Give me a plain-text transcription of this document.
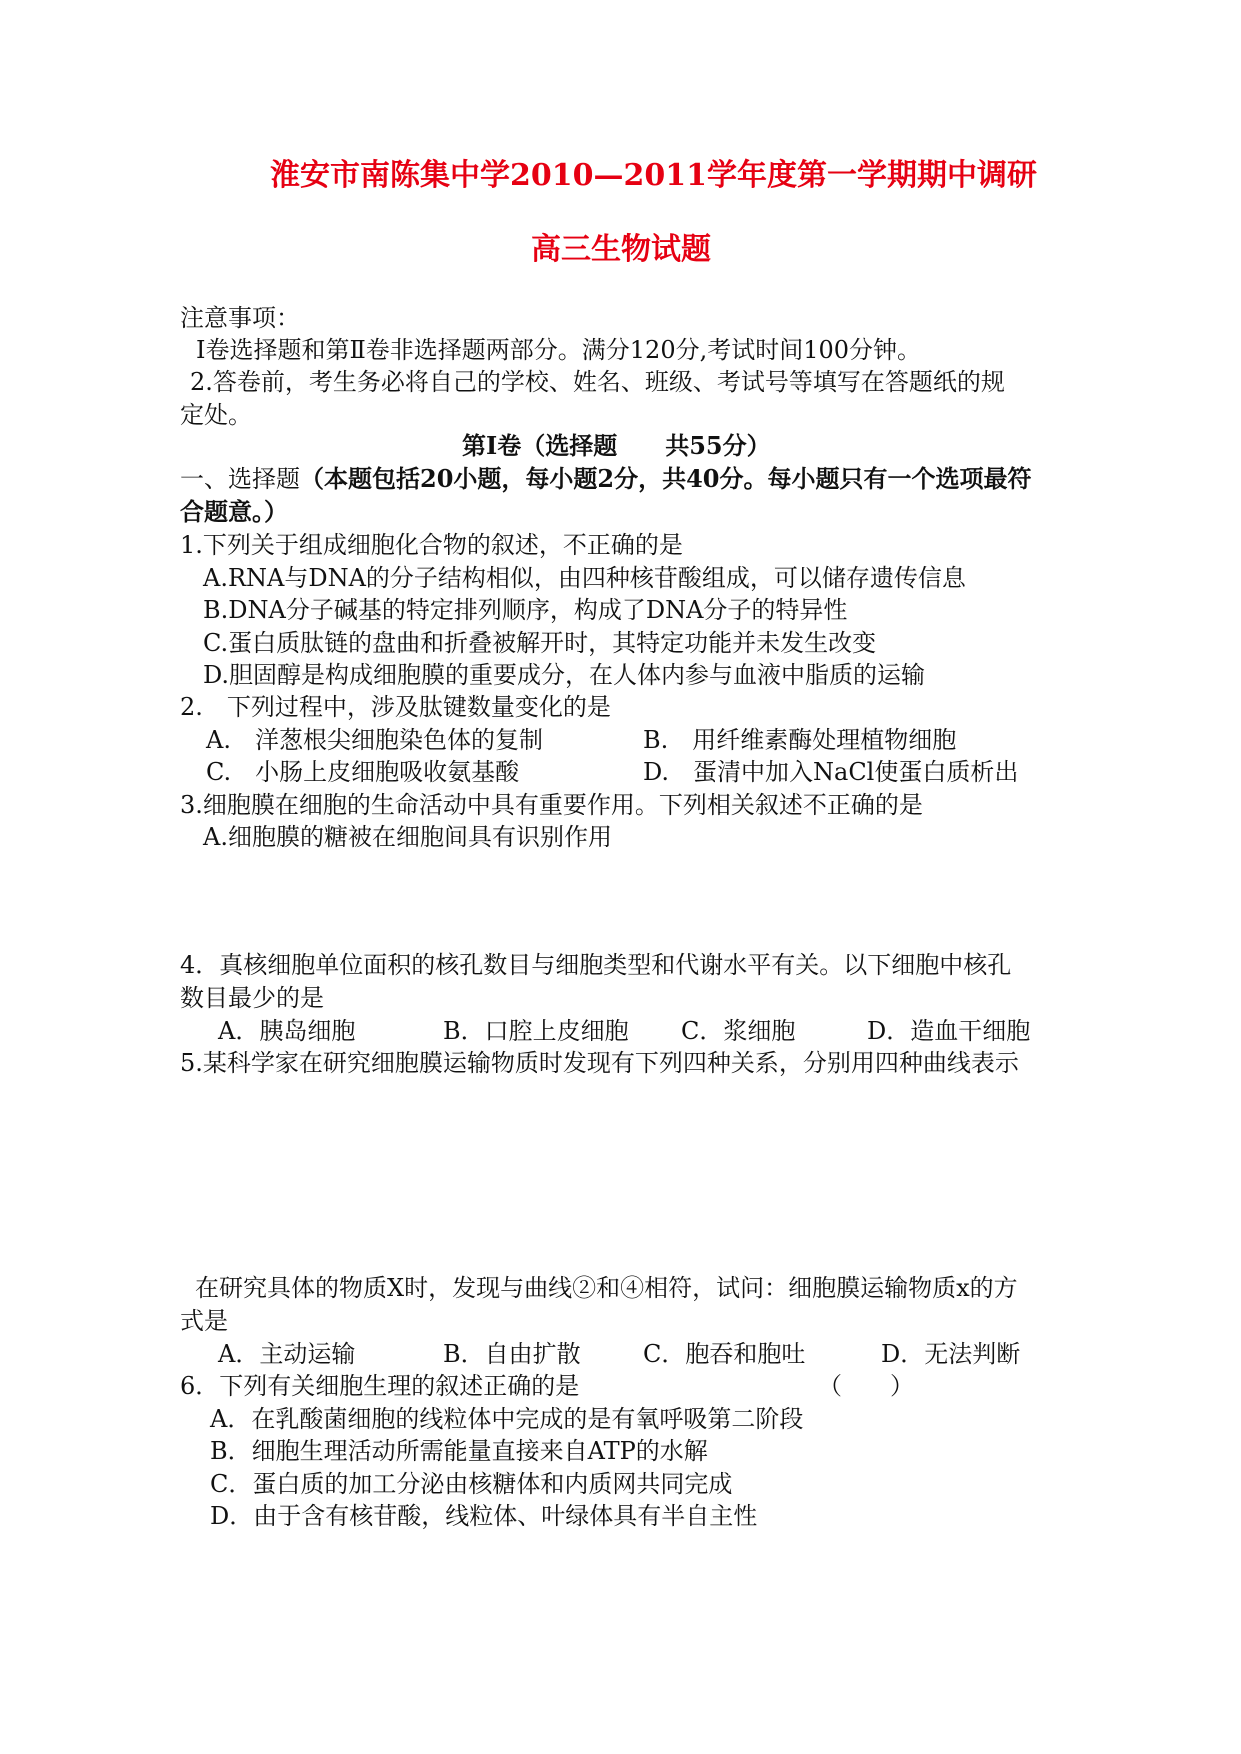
淮安市南陈集中学2010—2011学年度第一学期期中调研
高三生物试题
注意事项：
Ⅰ卷选择题和第Ⅱ卷非选择题两部分。满分120分,考试时间100分钟。
2.答卷前，考生务必将自己的学校、姓名、班级、考试号等填写在答题纸的规
定处。
第Ⅰ卷（选择题　　共55分）
一、选择题（本题包括20小题，每小题2分，共40分。每小题只有一个选项最符
合题意。）
1.下列关于组成细胞化合物的叙述，不正确的是
A.RNA与DNA的分子结构相似，由四种核苷酸组成，可以储存遗传信息
B.DNA分子碱基的特定排列顺序，构成了DNA分子的特异性
C.蛋白质肽链的盘曲和折叠被解开时，其特定功能并未发生改变
D.胆固醇是构成细胞膜的重要成分，在人体内参与血液中脂质的运输
2.　下列过程中，涉及肽键数量变化的是
A.　洋葱根尖细胞染色体的复制	B.　用纤维素酶处理植物细胞
C.　小肠上皮细胞吸收氨基酸	D.　蛋清中加入NaCl使蛋白质析出
3.细胞膜在细胞的生命活动中具有重要作用。下列相关叙述不正确的是
A.细胞膜的糖被在细胞间具有识别作用
4．真核细胞单位面积的核孔数目与细胞类型和代谢水平有关。以下细胞中核孔
数目最少的是
A．胰岛细胞	B．口腔上皮细胞 C．浆细胞	D．造血干细胞
5.某科学家在研究细胞膜运输物质时发现有下列四种关系，分别用四种曲线表示
在研究具体的物质X时，发现与曲线②和④相符，试问：细胞膜运输物质x的方
式是
A．主动运输	B．自由扩散	C．胞吞和胞吐	D．无法判断
6．下列有关细胞生理的叙述正确的是	（　　）
A．在乳酸菌细胞的线粒体中完成的是有氧呼吸第二阶段
B．细胞生理活动所需能量直接来自ATP的水解
C．蛋白质的加工分泌由核糖体和内质网共同完成
D．由于含有核苷酸，线粒体、叶绿体具有半自主性
